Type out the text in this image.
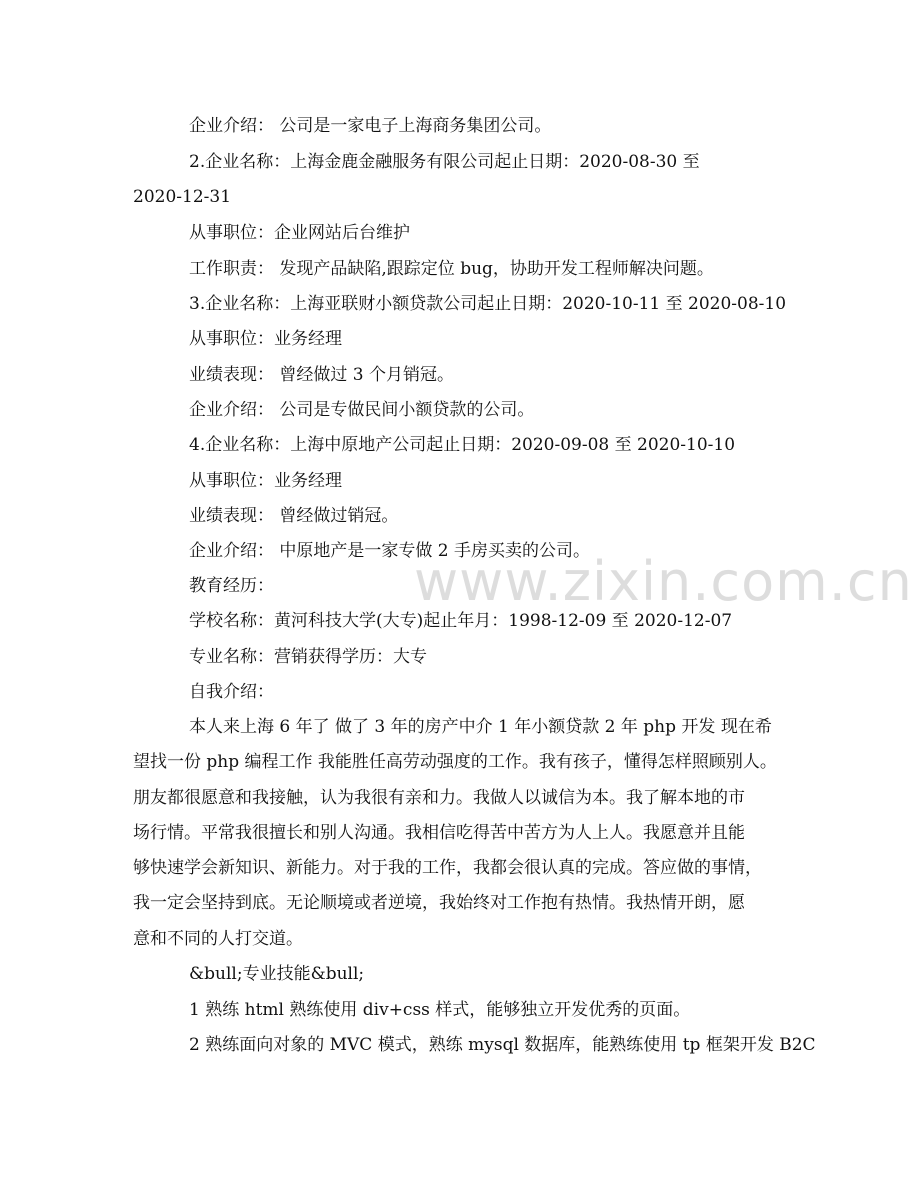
企业介绍： 公司是一家电子上海商务集团公司。
2.企业名称：上海金鹿金融服务有限公司起止日期：2020-08-30 至
2020-12-31
从事职位：企业网站后台维护
工作职责： 发现产品缺陷,跟踪定位 bug，协助开发工程师解决问题。
3.企业名称：上海亚联财小额贷款公司起止日期：2020-10-11 至 2020-08-10
从事职位：业务经理
业绩表现： 曾经做过 3 个月销冠。
企业介绍： 公司是专做民间小额贷款的公司。
4.企业名称：上海中原地产公司起止日期：2020-09-08 至 2020-10-10
从事职位：业务经理
业绩表现： 曾经做过销冠。
企业介绍： 中原地产是一家专做 2 手房买卖的公司。
教育经历：
学校名称：黄河科技大学(大专)起止年月：1998-12-09 至 2020-12-07
专业名称：营销获得学历：大专
自我介绍：
本人来上海 6 年了 做了 3 年的房产中介 1 年小额贷款 2 年 php 开发 现在希
望找一份 php 编程工作 我能胜任高劳动强度的工作。我有孩子，懂得怎样照顾别人。
朋友都很愿意和我接触，认为我很有亲和力。我做人以诚信为本。我了解本地的市
场行情。平常我很擅长和别人沟通。我相信吃得苦中苦方为人上人。我愿意并且能
够快速学会新知识、新能力。对于我的工作，我都会很认真的完成。答应做的事情，
我一定会坚持到底。无论顺境或者逆境，我始终对工作抱有热情。我热情开朗，愿
意和不同的人打交道。
&bull;专业技能&bull;
1 熟练 html 熟练使用 div+css 样式，能够独立开发优秀的页面。
2 熟练面向对象的 MVC 模式，熟练 mysql 数据库，能熟练使用 tp 框架开发 B2C
www.zixin.com.cn
